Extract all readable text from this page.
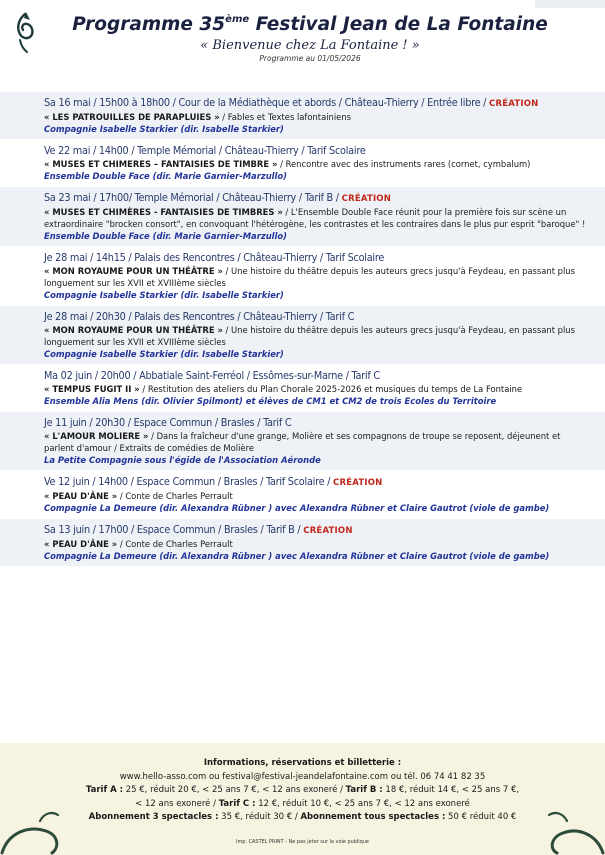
Programme 35ème Festival Jean de La Fontaine
« Bienvenue chez La Fontaine ! »
Programme au 01/05/2026
Sa 16 mai / 15h00 à 18h00 / Cour de la Médiathèque et abords / Château-Thierry / Entrée libre / CRÉATION
« LES PATROUILLES DE PARAPLUIES » / Fables et Textes lafontainiens
Compagnie Isabelle Starkier (dir. Isabelle Starkier)
Ve 22 mai / 14h00 / Temple Mémorial / Château-Thierry / Tarif Scolaire
« MUSES ET CHIMERES – FANTAISIES DE TIMBRE » / Rencontre avec des instruments rares (cornet, cymbalum)
Ensemble Double Face (dir. Marie Garnier-Marzullo)
Sa 23 mai / 17h00/ Temple Mémorial / Château-Thierry / Tarif B / CRÉATION
« MUSES ET CHIMÈRES - FANTAISIES DE TIMBRES » / L'Ensemble Double Face réunit pour la première fois sur scène un extraordinaire "brocken consort", en convoquant l'hétérogène, les contrastes et les contraires dans le plus pur esprit "baroque" !
Ensemble Double Face (dir. Marie Garnier-Marzullo)
Je 28 mai / 14h15 / Palais des Rencontres / Château-Thierry / Tarif Scolaire
« MON ROYAUME POUR UN THÉÂTRE » / Une histoire du théâtre depuis les auteurs grecs jusqu'à Feydeau, en passant plus longuement sur les XVII et XVIIIème siècles
Compagnie Isabelle Starkier (dir. Isabelle Starkier)
Je 28 mai / 20h30 / Palais des Rencontres / Château-Thierry / Tarif C
« MON ROYAUME POUR UN THÉÂTRE » / Une histoire du théâtre depuis les auteurs grecs jusqu'à Feydeau, en passant plus longuement sur les XVII et XVIIIème siècles
Compagnie Isabelle Starkier (dir. Isabelle Starkier)
Ma 02 juin / 20h00 / Abbatiale Saint-Ferréol / Essômes-sur-Marne / Tarif C
« TEMPUS FUGIT II » / Restitution des ateliers du Plan Chorale 2025-2026 et musiques du temps de La Fontaine
Ensemble Alia Mens (dir. Olivier Spilmont) et élèves de CM1 et CM2 de trois Ecoles du Territoire
Je 11 juin / 20h30 / Espace Commun / Brasles / Tarif C
« L'AMOUR MOLIERE » / Dans la fraîcheur d'une grange, Molière et ses compagnons de troupe se reposent, déjeunent et parlent d'amour / Extraits de comédies de Molière
La Petite Compagnie sous l'égide de l'Association Aéronde
Ve 12 juin / 14h00 / Espace Commun / Brasles / Tarif Scolaire / CRÉATION
« PEAU D'ÂNE » / Conte de Charles Perrault
Compagnie La Demeure (dir. Alexandra Rübner ) avec Alexandra Rübner et Claire Gautrot (viole de gambe)
Sa 13 juin / 17h00 / Espace Commun / Brasles / Tarif B / CRÉATION
« PEAU D'ÂNE » / Conte de Charles Perrault
Compagnie La Demeure (dir. Alexandra Rübner ) avec Alexandra Rübner et Claire Gautrot (viole de gambe)
Informations, réservations et billetterie :
www.hello-asso.com ou festival@festival-jeandelafontaine.com ou tél. 06 74 41 82 35
Tarif A : 25 €, réduit 20 €, < 25 ans 7 €, < 12 ans exoneré / Tarif B : 18 €, réduit 14 €, < 25 ans 7 €,
< 12 ans exoneré / Tarif C : 12 €, réduit 10 €, < 25 ans 7 €, < 12 ans exoneré
Abonnement 3 spectacles : 35 €, réduit 30 € / Abonnement tous spectacles : 50 € réduit 40 €
Imp. CASTEL PRINT - Ne pas jeter sur la voie publique
